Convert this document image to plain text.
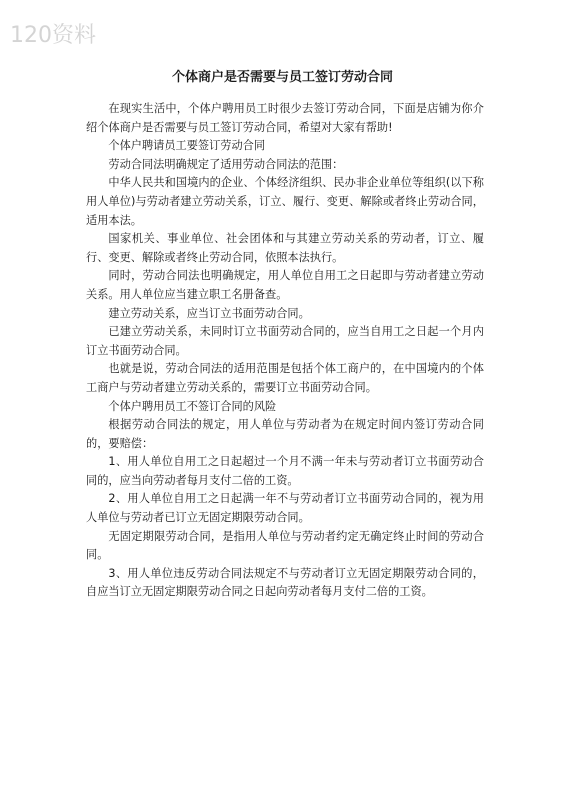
120资料
个体商户是否需要与员工签订劳动合同

在现实生活中，个体户聘用员工时很少去签订劳动合同，下面是店铺为你介绍个体商户是否需要与员工签订劳动合同，希望对大家有帮助!

个体户聘请员工要签订劳动合同

劳动合同法明确规定了适用劳动合同法的范围：

中华人民共和国境内的企业、个体经济组织、民办非企业单位等组织(以下称用人单位)与劳动者建立劳动关系，订立、履行、变更、解除或者终止劳动合同，适用本法。

国家机关、事业单位、社会团体和与其建立劳动关系的劳动者，订立、履行、变更、解除或者终止劳动合同，依照本法执行。

同时，劳动合同法也明确规定，用人单位自用工之日起即与劳动者建立劳动关系。用人单位应当建立职工名册备查。

建立劳动关系，应当订立书面劳动合同。

已建立劳动关系，未同时订立书面劳动合同的，应当自用工之日起一个月内订立书面劳动合同。

也就是说，劳动合同法的适用范围是包括个体工商户的，在中国境内的个体工商户与劳动者建立劳动关系的，需要订立书面劳动合同。

个体户聘用员工不签订合同的风险

根据劳动合同法的规定，用人单位与劳动者为在规定时间内签订劳动合同的，要赔偿：

1、用人单位自用工之日起超过一个月不满一年未与劳动者订立书面劳动合同的，应当向劳动者每月支付二倍的工资。

2、用人单位自用工之日起满一年不与劳动者订立书面劳动合同的，视为用人单位与劳动者已订立无固定期限劳动合同。

无固定期限劳动合同，是指用人单位与劳动者约定无确定终止时间的劳动合同。

3、用人单位违反劳动合同法规定不与劳动者订立无固定期限劳动合同的，自应当订立无固定期限劳动合同之日起向劳动者每月支付二倍的工资。
